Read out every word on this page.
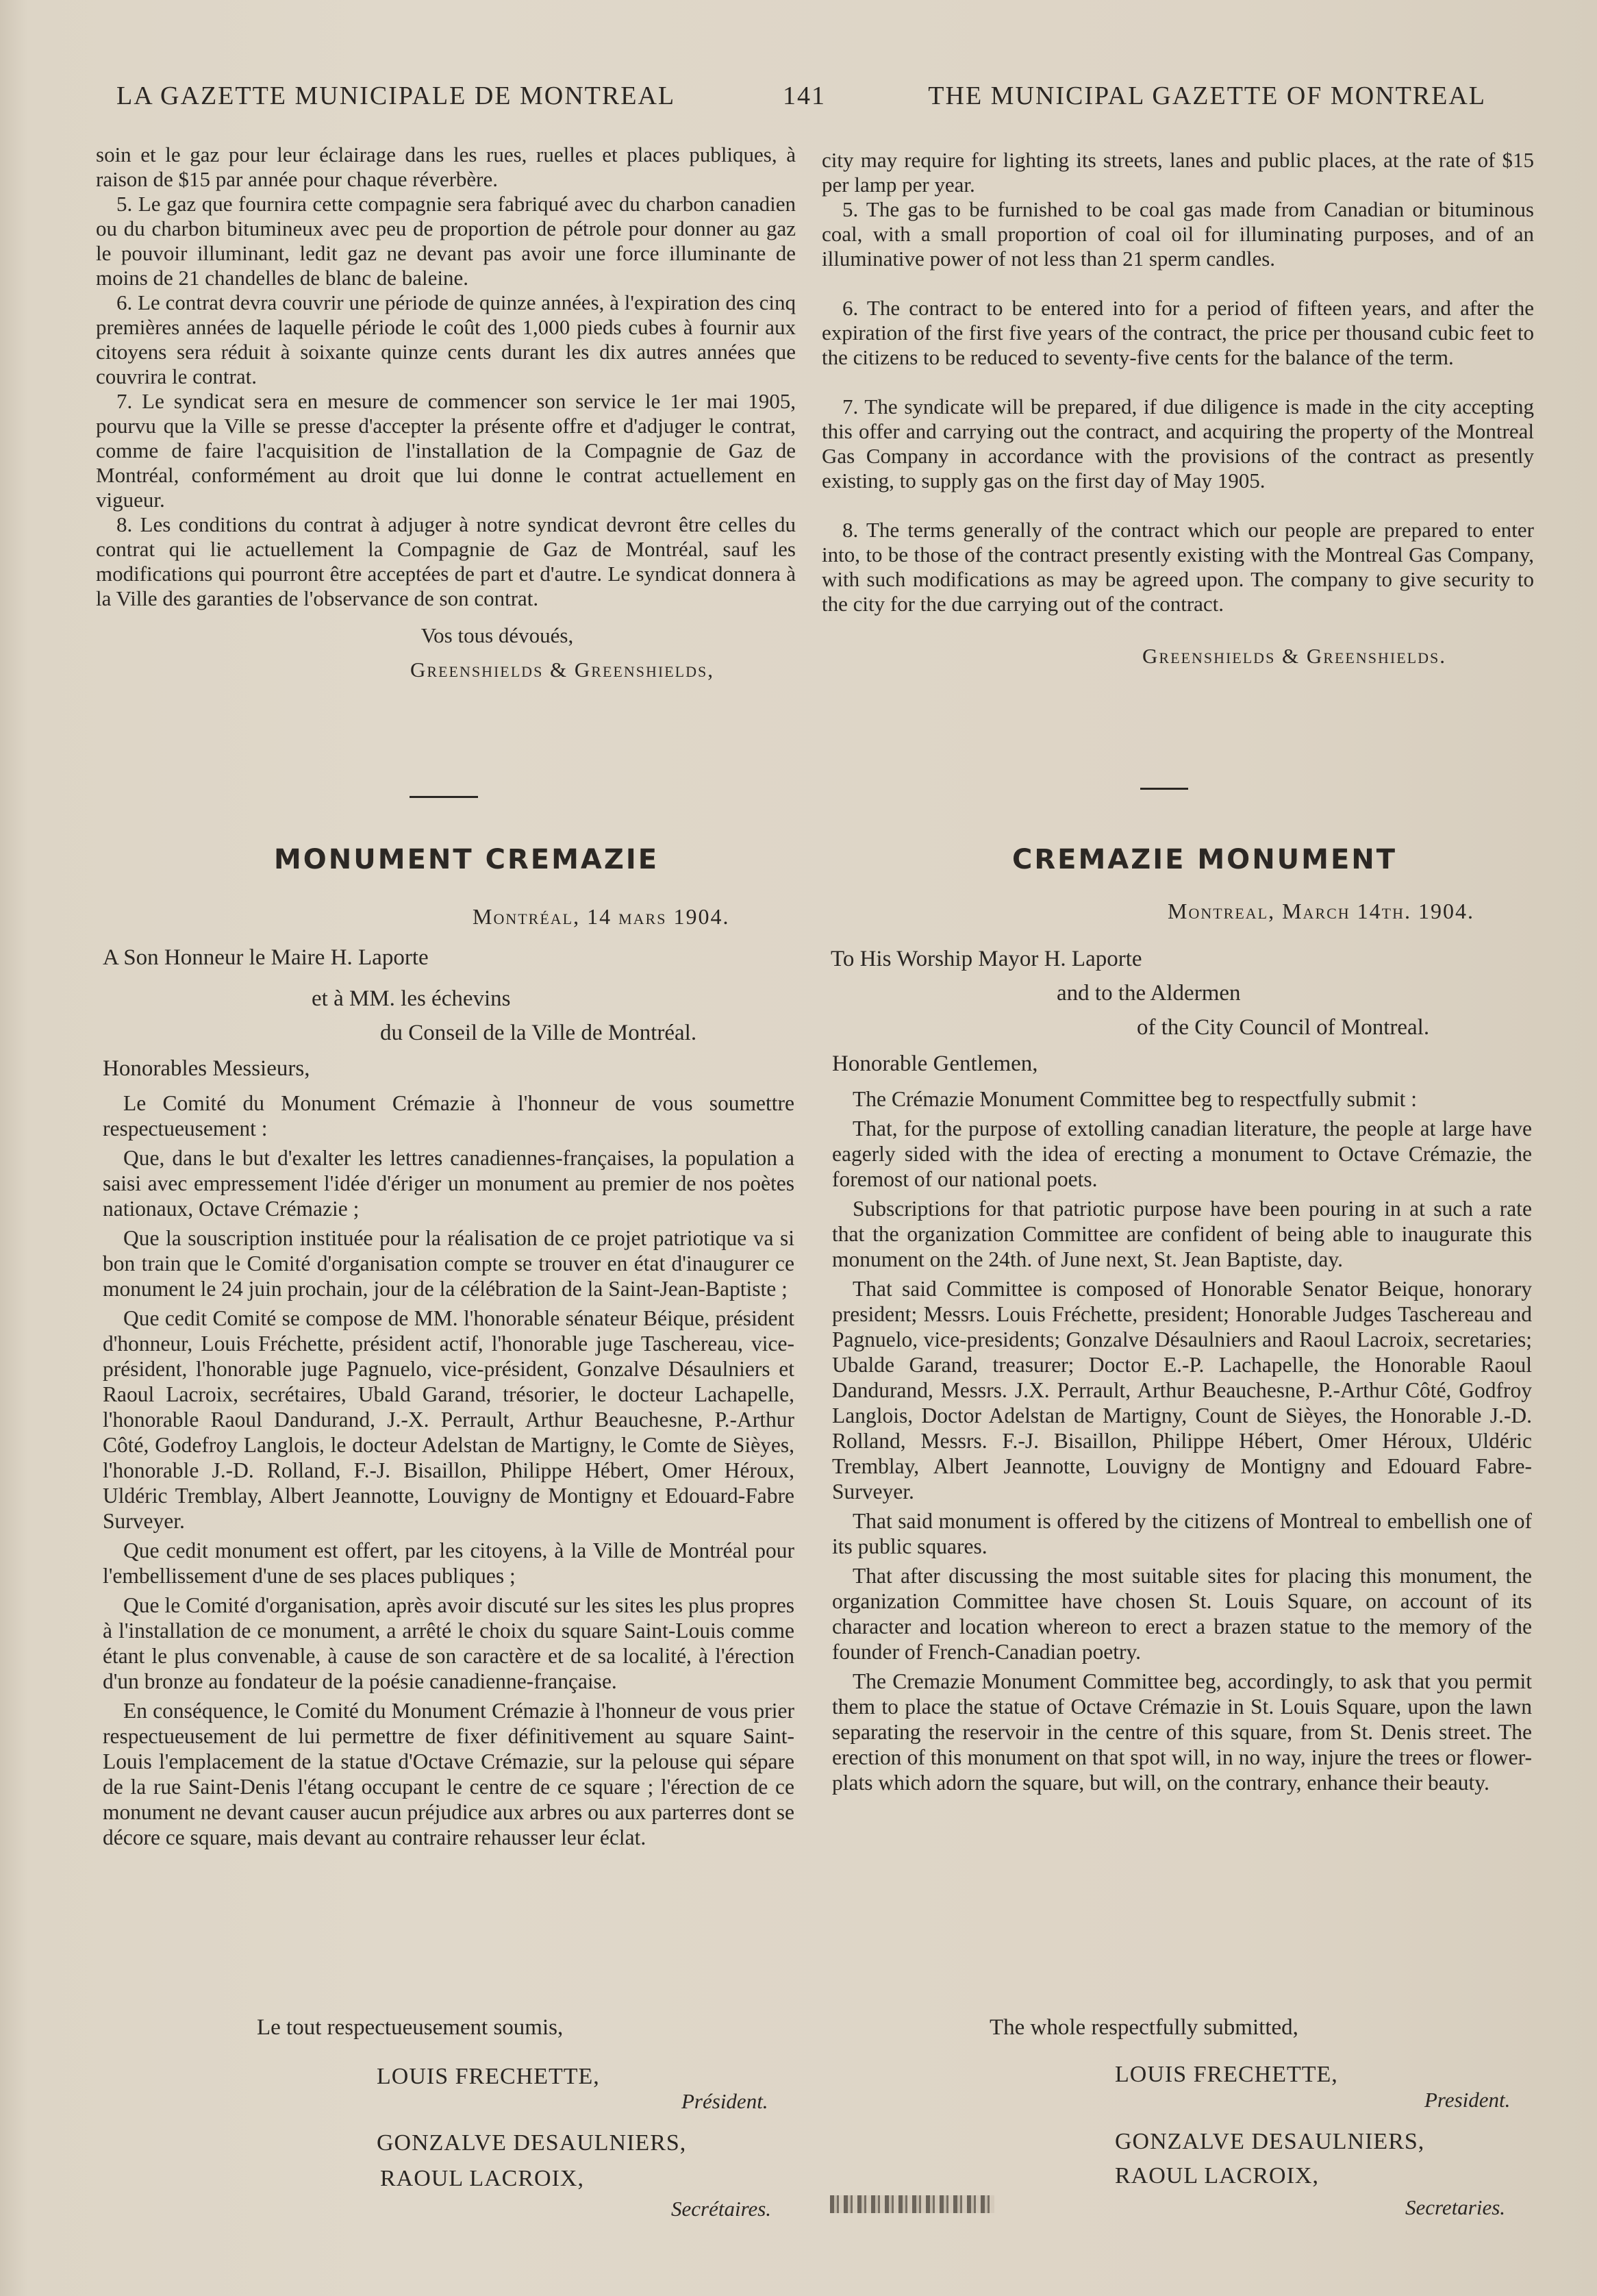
LA GAZETTE MUNICIPALE DE MONTREAL	141	THE MUNICIPAL GAZETTE OF MONTREAL

soin et le gaz pour leur éclairage dans les rues, ruelles et places publiques, à raison de $15 par année pour chaque réverbère.

5. Le gaz que fournira cette compagnie sera fabriqué avec du charbon canadien ou du charbon bitumineux avec peu de proportion de pétrole pour donner au gaz le pouvoir illuminant, ledit gaz ne devant pas avoir une force illuminante de moins de 21 chandelles de blanc de baleine.

6. Le contrat devra couvrir une période de quinze années, à l'expiration des cinq premières années de laquelle période le coût des 1,000 pieds cubes à fournir aux citoyens sera réduit à soixante quinze cents durant les dix autres années que couvrira le contrat.

7. Le syndicat sera en mesure de commencer son service le 1er mai 1905, pourvu que la Ville se presse d'accepter la présente offre et d'adjuger le contrat, comme de faire l'acquisition de l'installation de la Compagnie de Gaz de Montréal, conformément au droit que lui donne le contrat actuellement en vigueur.

8. Les conditions du contrat à adjuger à notre syndicat devront être celles du contrat qui lie actuellement la Compagnie de Gaz de Montréal, sauf les modifications qui pourront être acceptées de part et d'autre. Le syndicat donnera à la Ville des garanties de l'observance de son contrat.

Vos tous dévoués,

Greenshields & Greenshields,

city may require for lighting its streets, lanes and public places, at the rate of $15 per lamp per year.

5. The gas to be furnished to be coal gas made from Canadian or bituminous coal, with a small proportion of coal oil for illuminating purposes, and of an illuminative power of not less than 21 sperm candles.

6. The contract to be entered into for a period of fifteen years, and after the expiration of the first five years of the contract, the price per thousand cubic feet to the citizens to be reduced to seventy-five cents for the balance of the term.

7. The syndicate will be prepared, if due diligence is made in the city accepting this offer and carrying out the contract, and acquiring the property of the Montreal Gas Company in accordance with the provisions of the contract as presently existing, to supply gas on the first day of May 1905.

8. The terms generally of the contract which our people are prepared to enter into, to be those of the contract presently existing with the Montreal Gas Company, with such modifications as may be agreed upon. The company to give security to the city for the due carrying out of the contract.

Greenshields & Greenshields.

MONUMENT CREMAZIE
Montréal, 14 mars 1904.
A Son Honneur le Maire H. Laporte
et à MM. les échevins
du Conseil de la Ville de Montréal.
Honorables Messieurs,

Le Comité du Monument Crémazie à l'honneur de vous soumettre respectueusement :

Que, dans le but d'exalter les lettres canadiennes-françaises, la population a saisi avec empressement l'idée d'ériger un monument au premier de nos poètes nationaux, Octave Crémazie ;

Que la souscription instituée pour la réalisation de ce projet patriotique va si bon train que le Comité d'organisation compte se trouver en état d'inaugurer ce monument le 24 juin prochain, jour de la célébration de la Saint-Jean-Baptiste ;

Que cedit Comité se compose de MM. l'honorable sénateur Béique, président d'honneur, Louis Fréchette, président actif, l'honorable juge Taschereau, vice-président, l'honorable juge Pagnuelo, vice-président, Gonzalve Désaulniers et Raoul Lacroix, secrétaires, Ubald Garand, trésorier, le docteur Lachapelle, l'honorable Raoul Dandurand, J.-X. Perrault, Arthur Beauchesne, P.-Arthur Côté, Godefroy Langlois, le docteur Adelstan de Martigny, le Comte de Sièyes, l'honorable J.-D. Rolland, F.-J. Bisaillon, Philippe Hébert, Omer Héroux, Uldéric Tremblay, Albert Jeannotte, Louvigny de Montigny et Edouard-Fabre Surveyer.

Que cedit monument est offert, par les citoyens, à la Ville de Montréal pour l'embellissement d'une de ses places publiques ;

Que le Comité d'organisation, après avoir discuté sur les sites les plus propres à l'installation de ce monument, a arrêté le choix du square Saint-Louis comme étant le plus convenable, à cause de son caractère et de sa localité, à l'érection d'un bronze au fondateur de la poésie canadienne-française.

En conséquence, le Comité du Monument Crémazie à l'honneur de vous prier respectueusement de lui permettre de fixer définitivement au square Saint-Louis l'emplacement de la statue d'Octave Crémazie, sur la pelouse qui sépare de la rue Saint-Denis l'étang occupant le centre de ce square ; l'érection de ce monument ne devant causer aucun préjudice aux arbres ou aux parterres dont se décore ce square, mais devant au contraire rehausser leur éclat.

Le tout respectueusement soumis,
LOUIS FRECHETTE,
Président.
GONZALVE DESAULNIERS,
RAOUL LACROIX,
Secrétaires.
CREMAZIE MONUMENT
Montreal, March 14th. 1904.
To His Worship Mayor H. Laporte
and to the Aldermen
of the City Council of Montreal.
Honorable Gentlemen,

The Crémazie Monument Committee beg to respectfully submit :

That, for the purpose of extolling canadian literature, the people at large have eagerly sided with the idea of erecting a monument to Octave Crémazie, the foremost of our national poets.

Subscriptions for that patriotic purpose have been pouring in at such a rate that the organization Committee are confident of being able to inaugurate this monument on the 24th. of June next, St. Jean Baptiste, day.

That said Committee is composed of Honorable Senator Beique, honorary president; Messrs. Louis Fréchette, president; Honorable Judges Taschereau and Pagnuelo, vice-presidents; Gonzalve Désaulniers and Raoul Lacroix, secretaries; Ubalde Garand, treasurer; Doctor E.-P. Lachapelle, the Honorable Raoul Dandurand, Messrs. J.X. Perrault, Arthur Beauchesne, P.-Arthur Côté, Godfroy Langlois, Doctor Adelstan de Martigny, Count de Sièyes, the Honorable J.-D. Rolland, Messrs. F.-J. Bisaillon, Philippe Hébert, Omer Héroux, Uldéric Tremblay, Albert Jeannotte, Louvigny de Montigny and Edouard Fabre-Surveyer.

That said monument is offered by the citizens of Montreal to embellish one of its public squares.

That after discussing the most suitable sites for placing this monument, the organization Committee have chosen St. Louis Square, on account of its character and location whereon to erect a brazen statue to the memory of the founder of French-Canadian poetry.

The Cremazie Monument Committee beg, accordingly, to ask that you permit them to place the statue of Octave Crémazie in St. Louis Square, upon the lawn separating the reservoir in the centre of this square, from St. Denis street. The erection of this monument on that spot will, in no way, injure the trees or flower-plats which adorn the square, but will, on the contrary, enhance their beauty.

The whole respectfully submitted,
LOUIS FRECHETTE,
President.
GONZALVE DESAULNIERS,
RAOUL LACROIX,
Secretaries.
